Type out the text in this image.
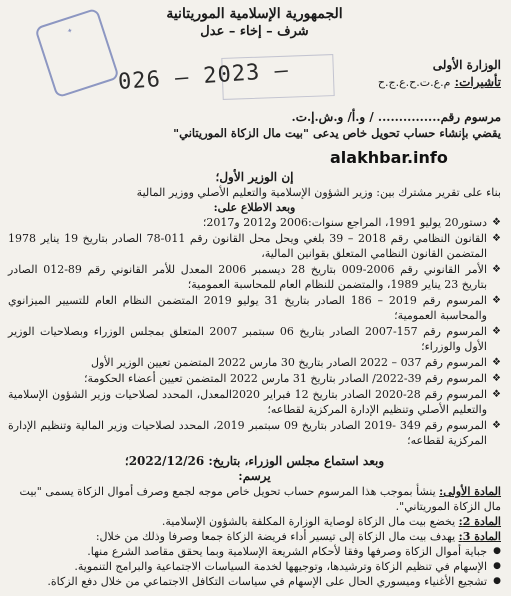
الجمهورية الإسلامية الموريتانية
شرف – إخاء – عدل
✦
026 – 2023 –	الوزارة الأولى
تأشيرات: م.ع.ت.ح.ع.ج.ح
مرسوم رقم............... / و.أ/ و.ش.إ.ت.
يقضي بإنشاء حساب تحويل خاص يدعى "بيت مال الزكاة الموريتاني"
alakhbar.info

إن الوزير الأول؛

بناء على تقرير مشترك بين: وزير الشؤون الإسلامية والتعليم الأصلي ووزير المالية

وبعد الاطلاع على:

❖ دستور20 يوليو 1991، المراجع سنوات:2006 و2012 و2017؛
❖ القانون النظامي رقم 2018 – 39 بلغي ويحل محل القانون رقم 011-78 الصادر بتاريخ 19 يناير 1978 المتضمن القانون النظامي المتعلق بقوانين المالية،
❖ الأمر القانوني رقم 2006-009 بتاريخ 28 ديسمبر 2006 المعدل للأمر القانوني رقم 89-012 الصادر بتاريخ 23 يناير 1989، والمتضمن للنظام العام للمحاسبة العمومية؛
❖ المرسوم رقم 2019 – 186 الصادر بتاريخ 31 يوليو 2019 المتضمن النظام العام للتسيير الميزانوي والمحاسبة العمومية؛
❖ المرسوم رقم 157-2007 الصادر بتاريخ 06 سبتمبر 2007 المتعلق بمجلس الوزراء وبصلاحيات الوزير الأول والوزراء؛
❖ المرسوم رقم 037 – 2022 الصادر بتاريخ 30 مارس 2022 المتضمن تعيين الوزير الأول
❖ المرسوم رقم 39-2022/ الصادر بتاريخ 31 مارس 2022 المتضمن تعيين أعضاء الحكومة؛
❖ المرسوم رقم 28-2020 الصادر بتاريخ 12 فبراير 2020المعدل، المحدد لصلاحيات وزير الشؤون الإسلامية والتعليم الأصلي وتنظيم الإدارة المركزية لقطاعه؛
❖ المرسوم رقم 349 -2019 الصادر بتاريخ 09 سبتمبر 2019، المحدد لصلاحيات وزير المالية وتنظيم الإدارة المركزية لقطاعه؛

وبعد استماع مجلس الوزراء، بتاريخ: 2022/12/26؛

يرسم:

المادة الأولى: ينشأ بموجب هذا المرسوم حساب تحويل خاص موجه لجمع وصرف أموال الزكاة يسمى "بيت مال الزكاة الموريتاني".

المادة 2: يخضع بيت مال الزكاة لوصاية الوزارة المكلفة بالشؤون الإسلامية.

المادة 3: يهدف بيت مال الزكاة إلى تيسير أداء فريضة الزكاة جمعا وصرفا وذلك من خلال:

● جباية أموال الزكاة وصرفها وفقا لأحكام الشريعة الإسلامية وبما يحقق مقاصد الشرع منها.
● الإسهام في تنظيم الزكاة وترشيدها، وتوجيهها لخدمة السياسات الاجتماعية والبرامج التنموية.
● تشجيع الأغنياء وميسوري الحال على الإسهام في سياسات التكافل الاجتماعي من خلال دفع الزكاة.
